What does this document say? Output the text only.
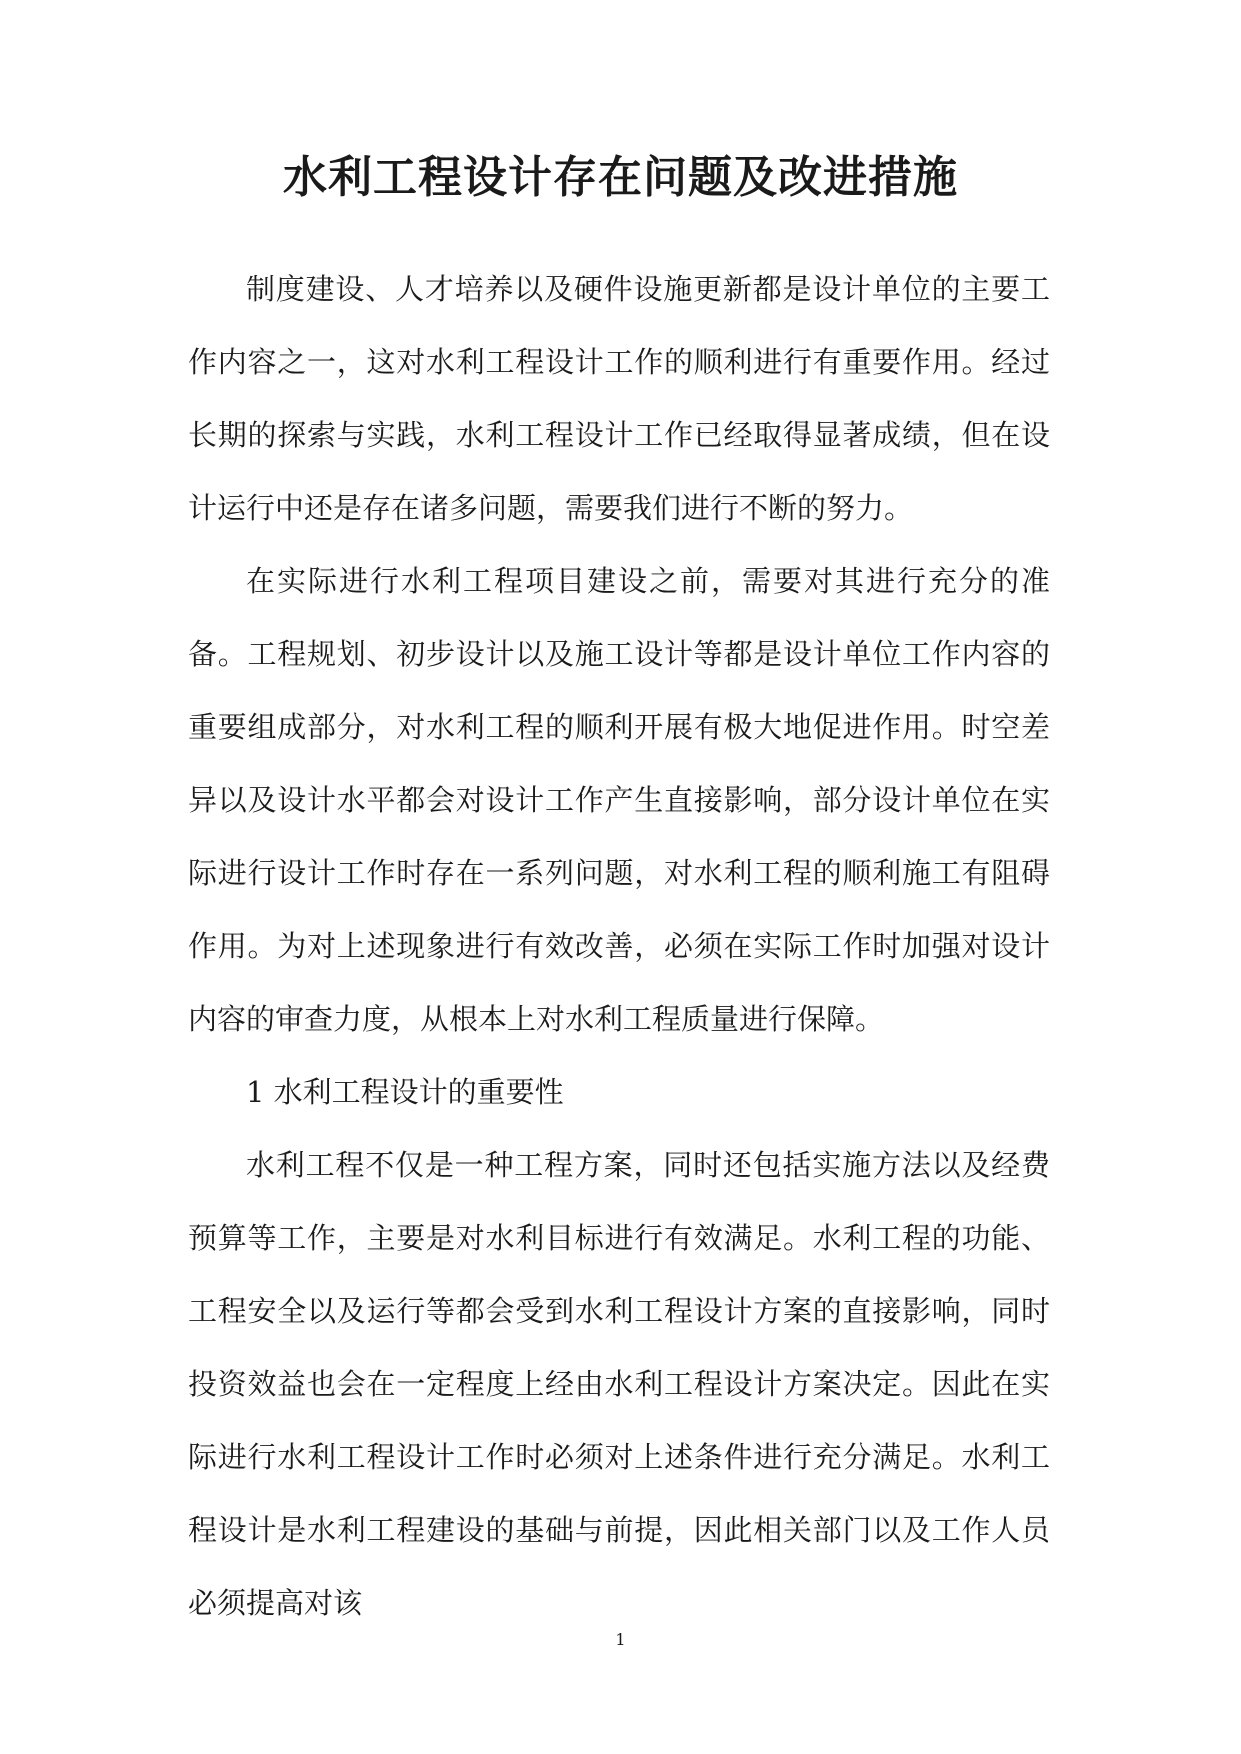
水利工程设计存在问题及改进措施

制度建设、人才培养以及硬件设施更新都是设计单位的主要工作内容之一，这对水利工程设计工作的顺利进行有重要作用。经过长期的探索与实践，水利工程设计工作已经取得显著成绩，但在设计运行中还是存在诸多问题，需要我们进行不断的努力。

在实际进行水利工程项目建设之前，需要对其进行充分的准备。工程规划、初步设计以及施工设计等都是设计单位工作内容的重要组成部分，对水利工程的顺利开展有极大地促进作用。时空差异以及设计水平都会对设计工作产生直接影响，部分设计单位在实际进行设计工作时存在一系列问题，对水利工程的顺利施工有阻碍作用。为对上述现象进行有效改善，必须在实际工作时加强对设计内容的审查力度，从根本上对水利工程质量进行保障。

1 水利工程设计的重要性

水利工程不仅是一种工程方案，同时还包括实施方法以及经费预算等工作，主要是对水利目标进行有效满足。水利工程的功能、工程安全以及运行等都会受到水利工程设计方案的直接影响，同时投资效益也会在一定程度上经由水利工程设计方案决定。因此在实际进行水利工程设计工作时必须对上述条件进行充分满足。水利工程设计是水利工程建设的基础与前提，因此相关部门以及工作人员必须提高对该

1
